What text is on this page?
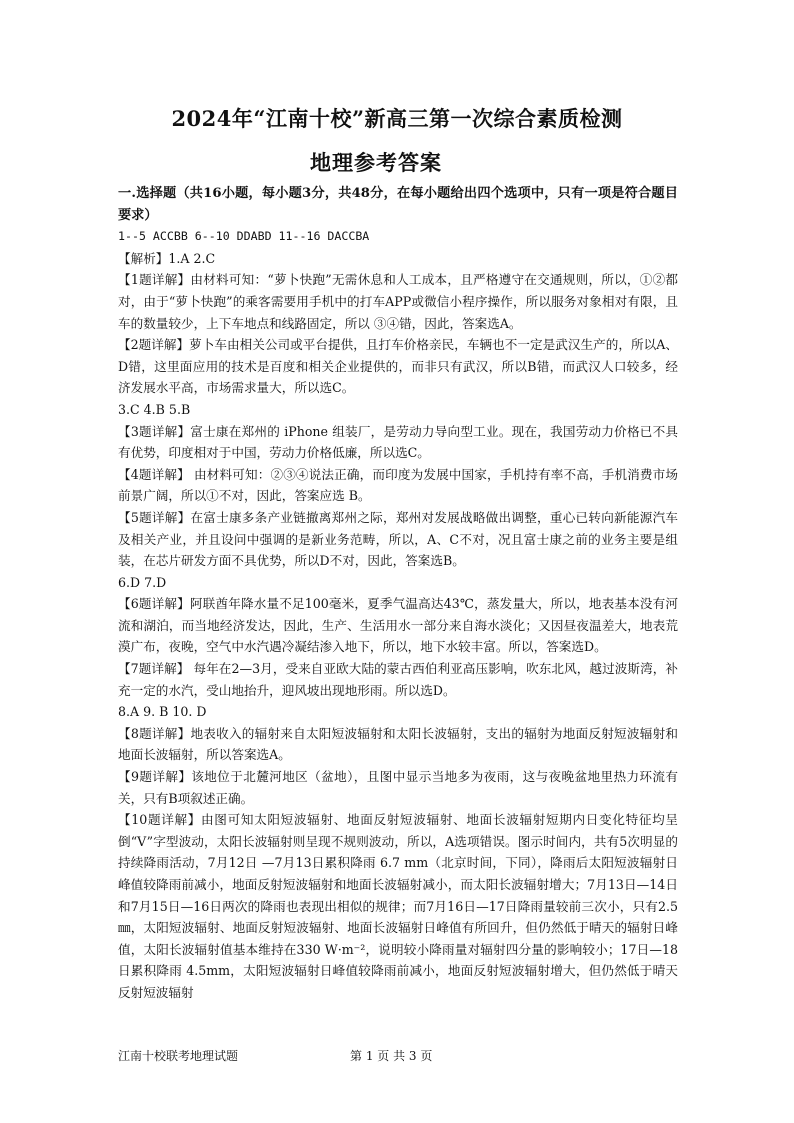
2024年“江南十校”新高三第一次综合素质检测
地理参考答案

一.选择题（共16小题，每小题3分，共48分，在每小题给出四个选项中，只有一项是符合题目要求）

1--5 ACCBB 6--10 DDABD 11--16 DACCBA

【解析】1.A 2.C

【1题详解】由材料可知：“萝卜快跑”无需休息和人工成本，且严格遵守在交通规则，所以，①②都对，由于“萝卜快跑”的乘客需要用手机中的打车APP或微信小程序操作，所以服务对象相对有限，且车的数量较少，上下车地点和线路固定，所以 ③④错，因此，答案选A。

【2题详解】萝卜车由相关公司或平台提供，且打车价格亲民，车辆也不一定是武汉生产的，所以A、D错，这里面应用的技术是百度和相关企业提供的，而非只有武汉，所以B错，而武汉人口较多，经济发展水平高，市场需求量大，所以选C。

3.C 4.B 5.B

【3题详解】富士康在郑州的 iPhone 组装厂，是劳动力导向型工业。现在，我国劳动力价格已不具有优势，印度相对于中国，劳动力价格低廉，所以选C。

【4题详解】 由材料可知：②③④说法正确，而印度为发展中国家，手机持有率不高，手机消费市场前景广阔，所以①不对，因此，答案应选 B。

【5题详解】在富士康多条产业链撤离郑州之际，郑州对发展战略做出调整，重心已转向新能源汽车及相关产业，并且设问中强调的是新业务范畴，所以，A、C不对，况且富士康之前的业务主要是组装，在芯片研发方面不具优势，所以D不对，因此，答案选B。

6.D 7.D

【6题详解】阿联酋年降水量不足100毫米，夏季气温高达43℃，蒸发量大，所以，地表基本没有河流和湖泊，而当地经济发达，因此，生产、生活用水一部分来自海水淡化；又因昼夜温差大，地表荒漠广布，夜晚，空气中水汽遇冷凝结渗入地下，所以，地下水较丰富。所以，答案选D。

【7题详解】 每年在2—3月，受来自亚欧大陆的蒙古西伯利亚高压影响，吹东北风，越过波斯湾，补充一定的水汽，受山地抬升，迎风坡出现地形雨。所以选D。

8.A 9. B 10. D

【8题详解】地表收入的辐射来自太阳短波辐射和太阳长波辐射，支出的辐射为地面反射短波辐射和地面长波辐射，所以答案选A。

【9题详解】该地位于北麓河地区（盆地），且图中显示当地多为夜雨，这与夜晚盆地里热力环流有关，只有B项叙述正确。

【10题详解】由图可知太阳短波辐射、地面反射短波辐射、地面长波辐射短期内日变化特征均呈倒“V”字型波动，太阳长波辐射则呈现不规则波动，所以，A选项错误。图示时间内，共有5次明显的持续降雨活动，7月12日 —7月13日累积降雨 6.7 mm（北京时间，下同），降雨后太阳短波辐射日峰值较降雨前减小，地面反射短波辐射和地面长波辐射减小，而太阳长波辐射增大；7月13日—14日和7月15日—16日两次的降雨也表现出相似的规律；而7月16日—17日降雨量较前三次小，只有2.5㎜，太阳短波辐射、地面反射短波辐射、地面长波辐射日峰值有所回升，但仍然低于晴天的辐射日峰值，太阳长波辐射值基本维持在330 W·m⁻²，说明较小降雨量对辐射四分量的影响较小；17日—18日累积降雨 4.5mm，太阳短波辐射日峰值较降雨前减小，地面反射短波辐射增大，但仍然低于晴天反射短波辐射

江南十校联考地理试题	第 1 页 共 3 页
